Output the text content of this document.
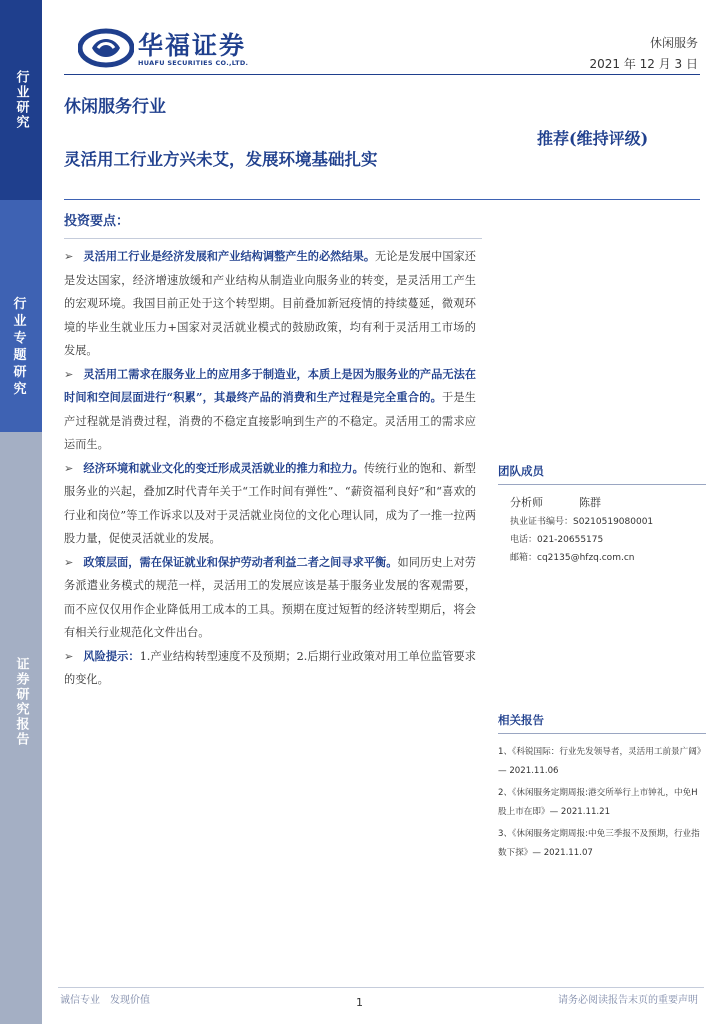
行业研究
行业专题研究
证券研究报告
华福证券
HUAFU SECURITIES CO.,LTD.
休闲服务
2021 年 12 月 3 日
休闲服务行业
灵活用工行业方兴未艾，发展环境基础扎实
推荐(维持评级)
投资要点：

➢ 灵活用工行业是经济发展和产业结构调整产生的必然结果。无论是发展中国家还是发达国家，经济增速放缓和产业结构从制造业向服务业的转变，是灵活用工产生的宏观环境。我国目前正处于这个转型期。目前叠加新冠疫情的持续蔓延，微观环境的毕业生就业压力+国家对灵活就业模式的鼓励政策，均有利于灵活用工市场的发展。

➢ 灵活用工需求在服务业上的应用多于制造业，本质上是因为服务业的产品无法在时间和空间层面进行“积累”，其最终产品的消费和生产过程是完全重合的。于是生产过程就是消费过程，消费的不稳定直接影响到生产的不稳定。灵活用工的需求应运而生。

➢ 经济环境和就业文化的变迁形成灵活就业的推力和拉力。传统行业的饱和、新型服务业的兴起，叠加Z时代青年关于“工作时间有弹性”、“薪资福利良好”和“喜欢的行业和岗位”等工作诉求以及对于灵活就业岗位的文化心理认同，成为了一推一拉两股力量，促使灵活就业的发展。

➢ 政策层面，需在保证就业和保护劳动者利益二者之间寻求平衡。如同历史上对劳务派遣业务模式的规范一样，灵活用工的发展应该是基于服务业发展的客观需要，而不应仅仅用作企业降低用工成本的工具。预期在度过短暂的经济转型期后，将会有相关行业规范化文件出台。

➢ 风险提示：1.产业结构转型速度不及预期；2.后期行业政策对用工单位监管要求的变化。

团队成员
分析师	陈群
执业证书编号：S0210519080001
电话：021-20655175
邮箱：cq2135@hfzq.com.cn
相关报告
1、《科锐国际：行业先发领导者，灵活用工前景广阔》— 2021.11.06
2、《休闲服务定期周报:港交所举行上市钟礼，中免H股上市在即》— 2021.11.21
3、《休闲服务定期周报:中免三季报不及预期，行业指数下探》— 2021.11.07
诚信专业　发现价值	1	请务必阅读报告末页的重要声明
